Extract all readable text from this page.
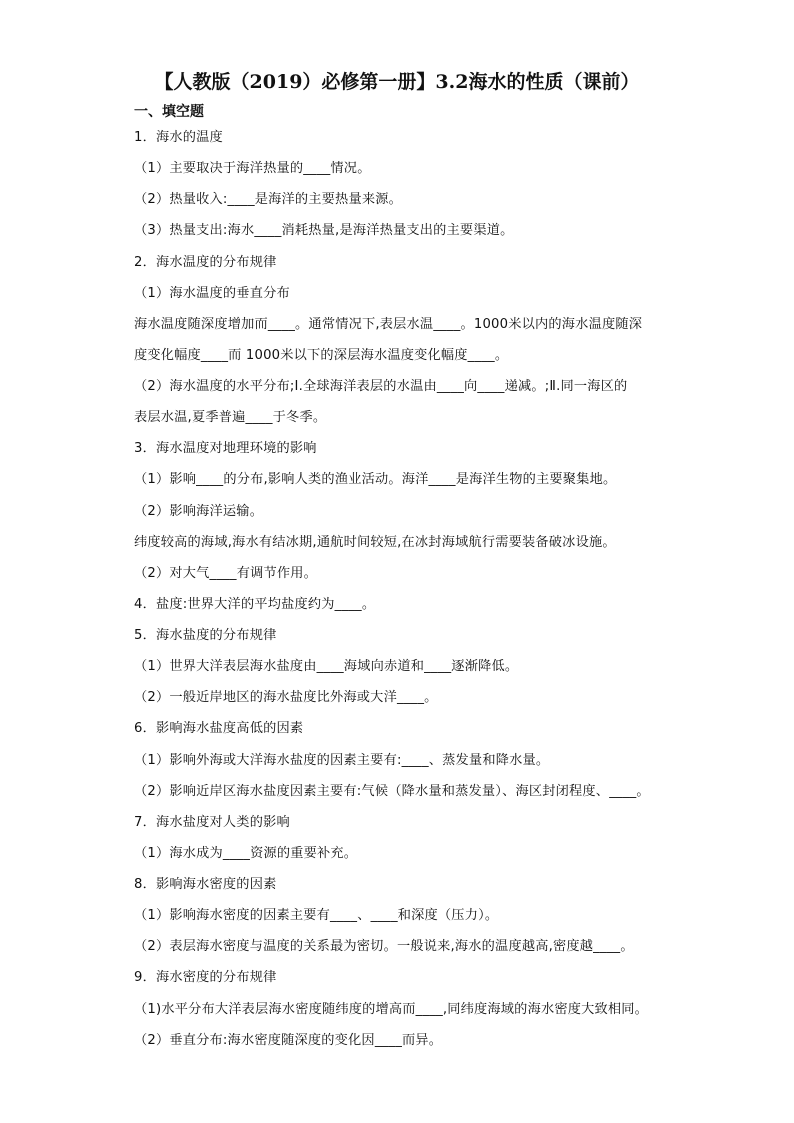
【人教版（2019）必修第一册】3.2海水的性质（课前）
一、填空题
1．海水的温度
（1）主要取决于海洋热量的____情况。
（2）热量收入:____是海洋的主要热量来源。
（3）热量支出:海水____消耗热量,是海洋热量支出的主要渠道。
2．海水温度的分布规律
（1）海水温度的垂直分布
海水温度随深度增加而____。通常情况下,表层水温____。1000米以内的海水温度随深
度变化幅度____而 1000米以下的深层海水温度变化幅度____。
（2）海水温度的水平分布;Ⅰ.全球海洋表层的水温由____向____递减。;Ⅱ.同一海区的
表层水温,夏季普遍____于冬季。
3．海水温度对地理环境的影响
（1）影响____的分布,影响人类的渔业活动。海洋____是海洋生物的主要聚集地。
（2）影响海洋运输。
纬度较高的海域,海水有结冰期,通航时间较短,在冰封海域航行需要装备破冰设施。
（2）对大气____有调节作用。
4．盐度:世界大洋的平均盐度约为____。
5．海水盐度的分布规律
（1）世界大洋表层海水盐度由____海域向赤道和____逐渐降低。
（2）一般近岸地区的海水盐度比外海或大洋____。
6．影响海水盐度高低的因素
（1）影响外海或大洋海水盐度的因素主要有:____、蒸发量和降水量。
（2）影响近岸区海水盐度因素主要有:气候（降水量和蒸发量）、海区封闭程度、____。
7．海水盐度对人类的影响
（1）海水成为____资源的重要补充。
8．影响海水密度的因素
（1）影响海水密度的因素主要有____、____和深度（压力）。
（2）表层海水密度与温度的关系最为密切。一般说来,海水的温度越高,密度越____。
9．海水密度的分布规律
（1)水平分布大洋表层海水密度随纬度的增高而____,同纬度海域的海水密度大致相同。
（2）垂直分布:海水密度随深度的变化因____而异。
